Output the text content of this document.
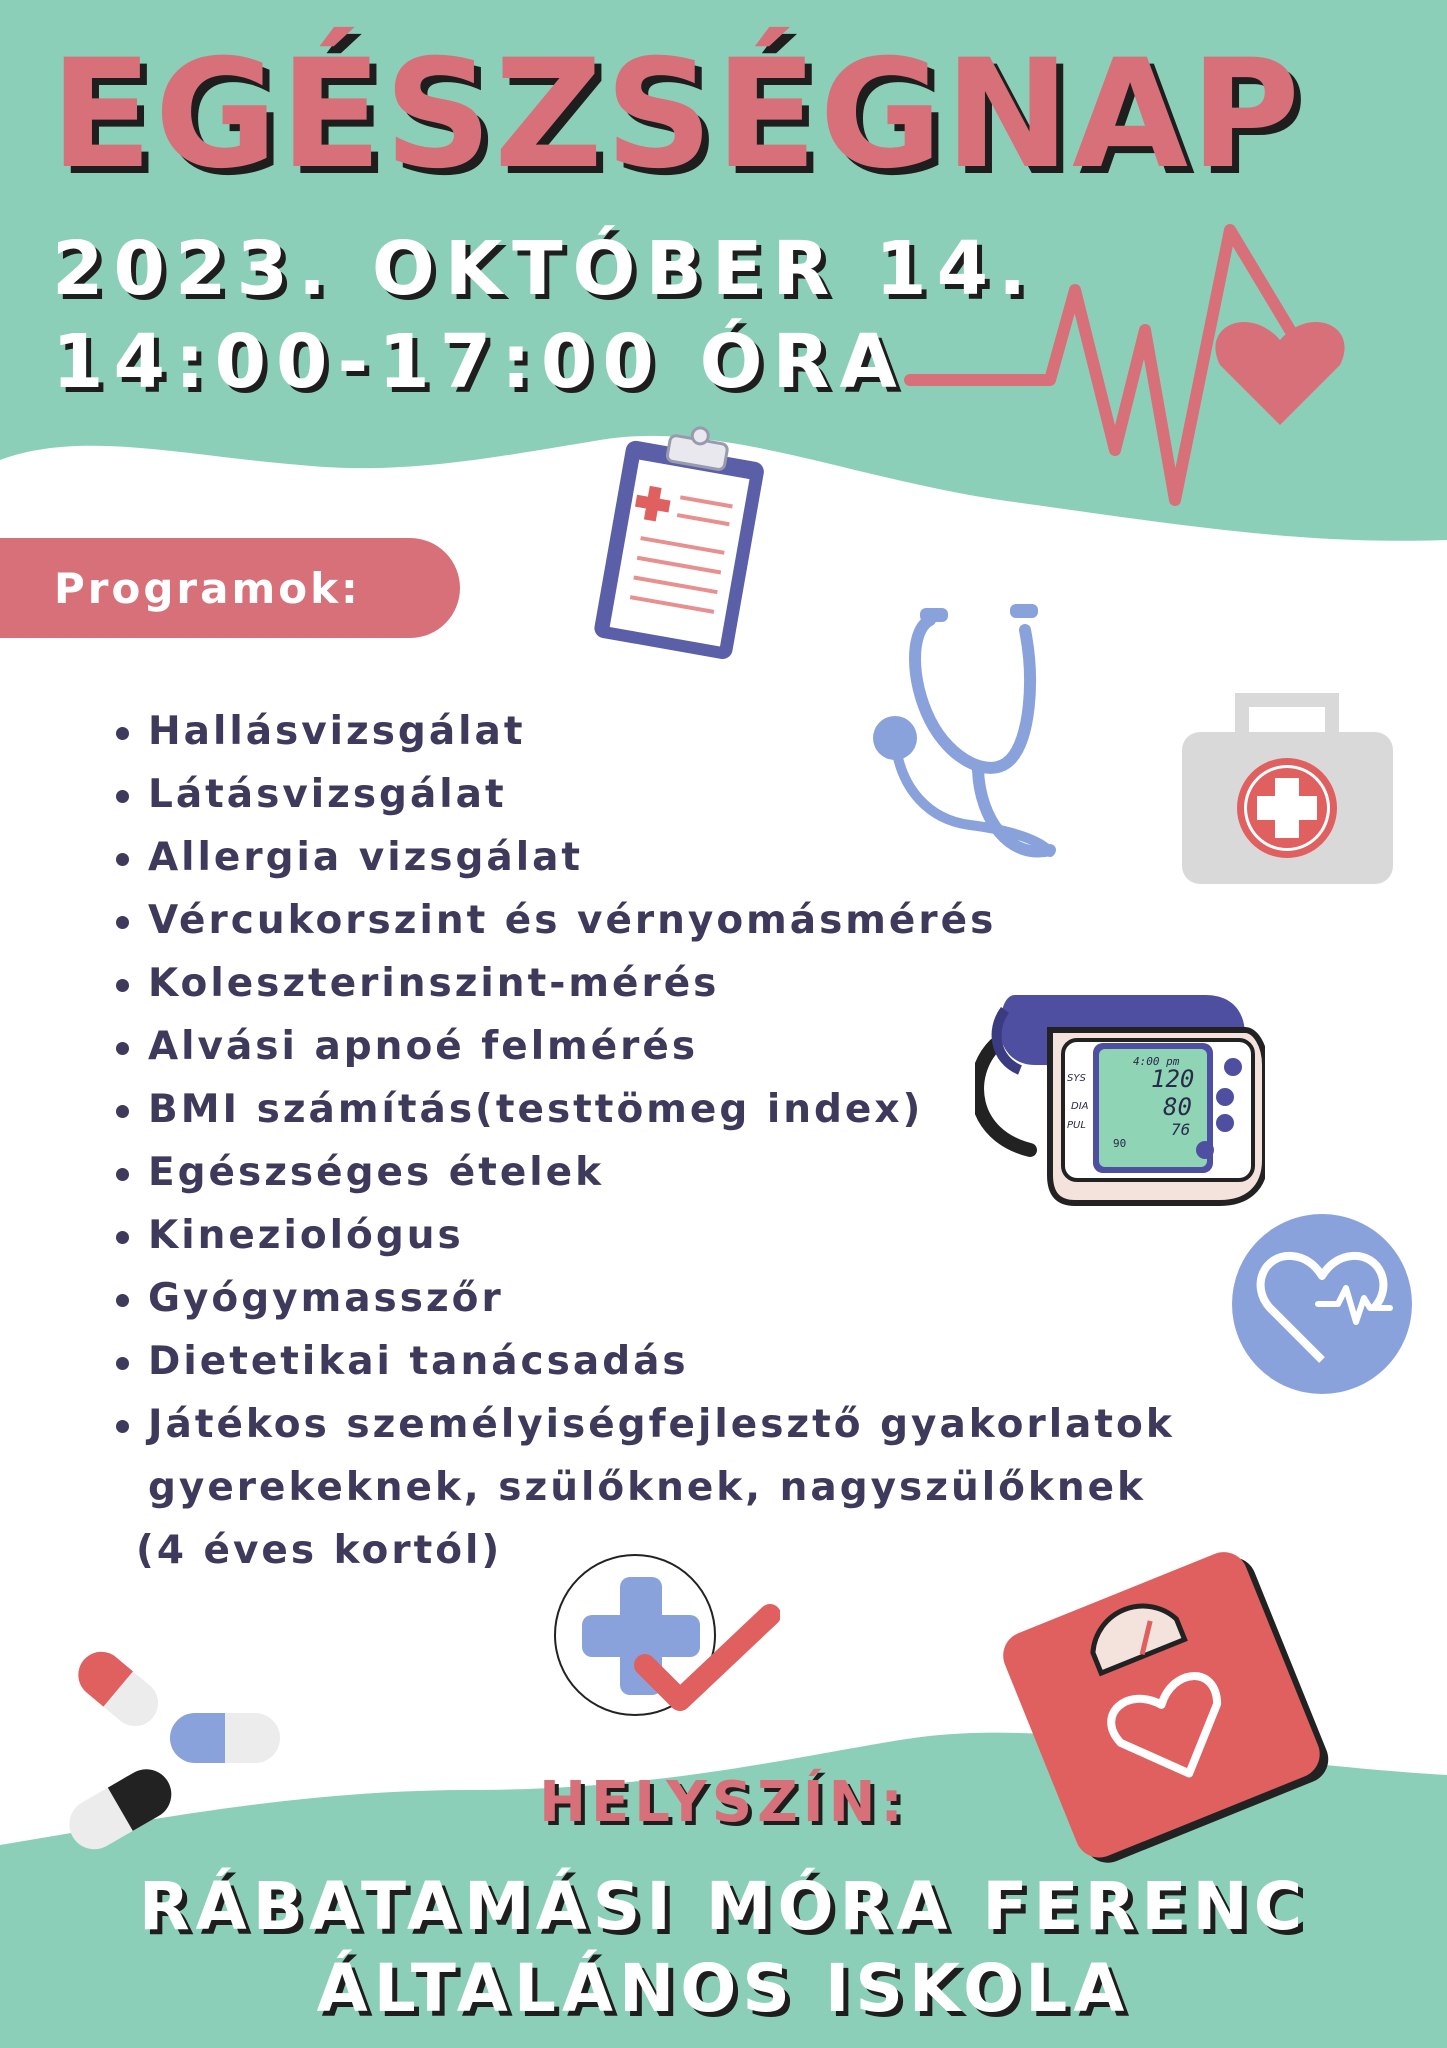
EGÉSZSÉGNAP
2023. OKTÓBER 14.
14:00-17:00 ÓRA
4:00 pm
SYS
DIA
PUL
120
80
76
90
Programok:
Hallásvizsgálat
Látásvizsgálat
Allergia vizsgálat
Vércukorszint és vérnyomásmérés
Koleszterinszint-mérés
Alvási apnoé felmérés
BMI számítás(testtömeg index)
Egészséges ételek
Kineziológus
Gyógymasszőr
Dietetikai tanácsadás
Játékos személyiségfejlesztő gyakorlatok
gyerekeknek, szülőknek, nagyszülőknek
(4 éves kortól)
HELYSZÍN:
RÁBATAMÁSI MÓRA FERENC
ÁLTALÁNOS ISKOLA
